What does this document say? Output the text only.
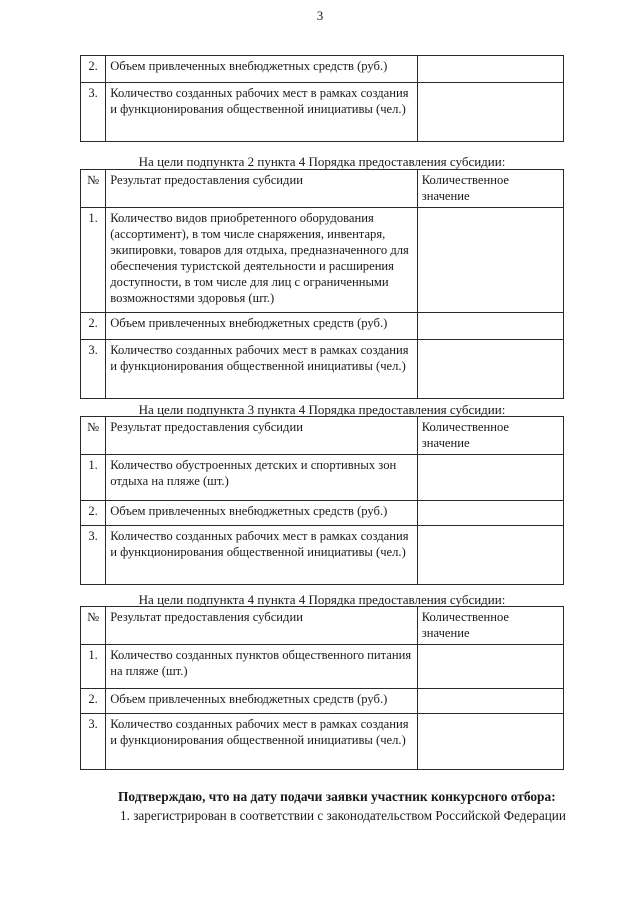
3
2.	Объем привлеченных внебюджетных средств (руб.)	
3.	Количество созданных рабочих мест в рамках создания и функционирования общественной инициативы (чел.)	
На цели подпункта 2 пункта 4 Порядка предоставления субсидии:
№	Результат предоставления субсидии	Количественное значение
1.	Количество видов приобретенного оборудования (ассортимент), в том числе снаряжения, инвентаря, экипировки, товаров для отдыха, предназначенного для обеспечения туристской деятельности и расширения доступности, в том числе для лиц с ограниченными возможностями здоровья (шт.)	
2.	Объем привлеченных внебюджетных средств (руб.)	
3.	Количество созданных рабочих мест в рамках создания и функционирования общественной инициативы (чел.)	
На цели подпункта 3 пункта 4 Порядка предоставления субсидии:
№	Результат предоставления субсидии	Количественное значение
1.	Количество обустроенных детских и спортивных зон отдыха на пляже (шт.)	
2.	Объем привлеченных внебюджетных средств (руб.)	
3.	Количество созданных рабочих мест в рамках создания и функционирования общественной инициативы (чел.)	
На цели подпункта 4 пункта 4 Порядка предоставления субсидии:
№	Результат предоставления субсидии	Количественное значение
1.	Количество созданных пунктов общественного питания на пляже (шт.)	
2.	Объем привлеченных внебюджетных средств (руб.)	
3.	Количество созданных рабочих мест в рамках создания и функционирования общественной инициативы (чел.)	
Подтверждаю, что на дату подачи заявки участник конкурсного отбора:
1. зарегистрирован в соответствии с законодательством Российской Федерации
